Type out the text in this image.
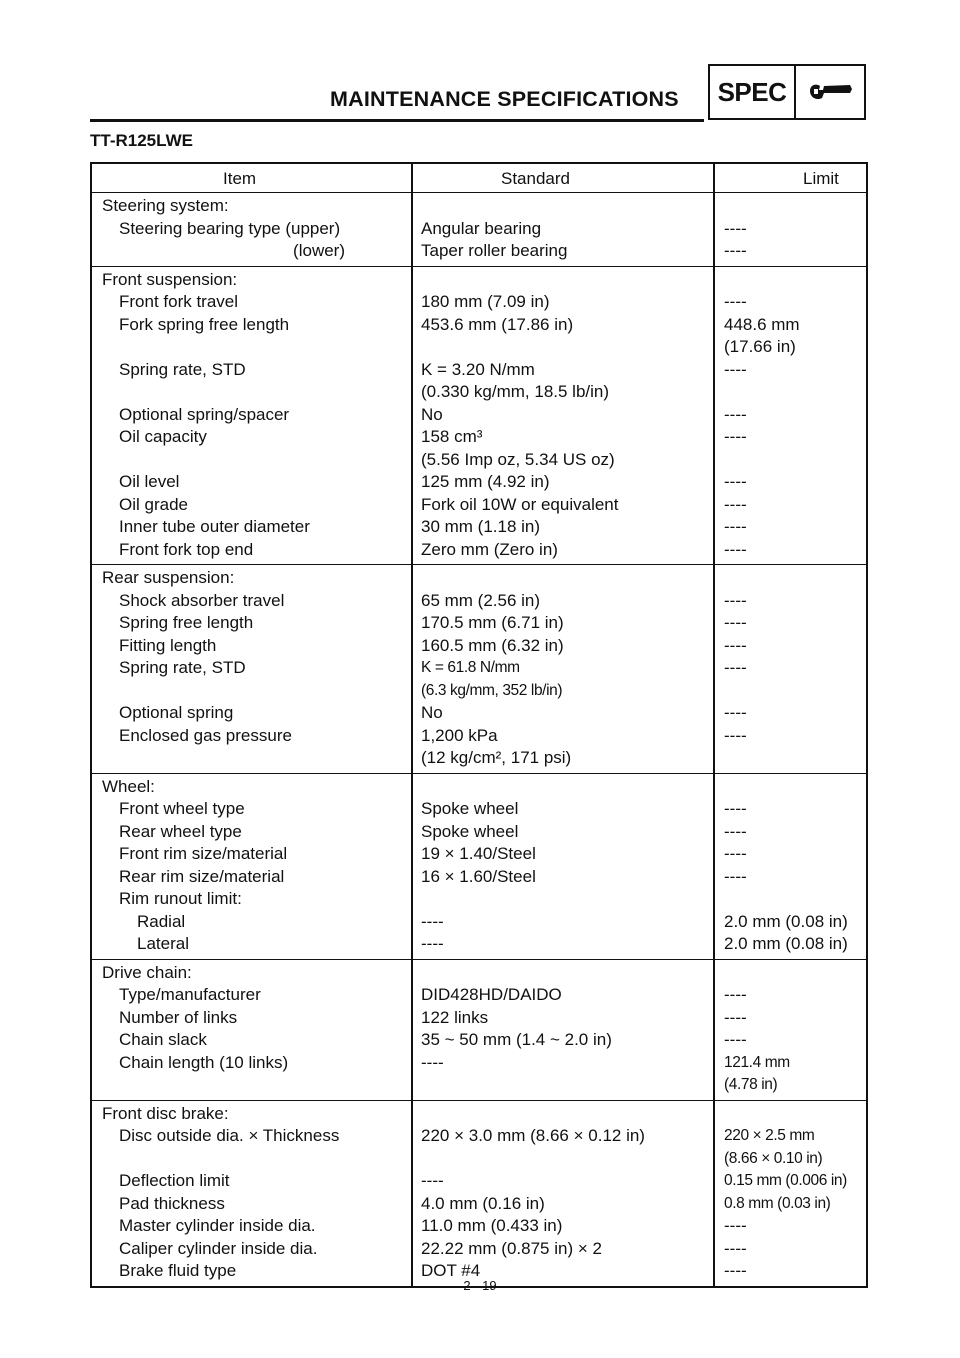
MAINTENANCE SPECIFICATIONS SPEC
TT-R125LWE
Item	Standard	Limit
Steering system:
Steering bearing type (upper)	Angular bearing	----
(lower)	Taper roller bearing	----
Front suspension:
Front fork travel	180 mm (7.09 in)	----
Fork spring free length	453.6 mm (17.86 in)	448.6 mm
(17.66 in)
Spring rate, STD	K = 3.20 N/mm	----
(0.330 kg/mm, 18.5 lb/in)
Optional spring/spacer	No	----
Oil capacity	158 cm³	----
(5.56 Imp oz, 5.34 US oz)
Oil level	125 mm (4.92 in)	----
Oil grade	Fork oil 10W or equivalent	----
Inner tube outer diameter	30 mm (1.18 in)	----
Front fork top end	Zero mm (Zero in)	----
Rear suspension:
Shock absorber travel	65 mm (2.56 in)	----
Spring free length	170.5 mm (6.71 in)	----
Fitting length	160.5 mm (6.32 in)	----
Spring rate, STD	K = 61.8 N/mm	----
(6.3 kg/mm, 352 lb/in)
Optional spring	No	----
Enclosed gas pressure	1,200 kPa	----
(12 kg/cm², 171 psi)
Wheel:
Front wheel type	Spoke wheel	----
Rear wheel type	Spoke wheel	----
Front rim size/material	19 × 1.40/Steel	----
Rear rim size/material	16 × 1.60/Steel	----
Rim runout limit:
Radial	----	2.0 mm (0.08 in)
Lateral	----	2.0 mm (0.08 in)
Drive chain:
Type/manufacturer	DID428HD/DAIDO	----
Number of links	122 links	----
Chain slack	35 ~ 50 mm (1.4 ~ 2.0 in)	----
Chain length (10 links)	----	121.4 mm
(4.78 in)
Front disc brake:
Disc outside dia. × Thickness	220 × 3.0 mm (8.66 × 0.12 in)	220 × 2.5 mm
(8.66 × 0.10 in)
Deflection limit	----	0.15 mm (0.006 in)
Pad thickness	4.0 mm (0.16 in)	0.8 mm (0.03 in)
Master cylinder inside dia.	11.0 mm (0.433 in)	----
Caliper cylinder inside dia.	22.22 mm (0.875 in) × 2	----
Brake fluid type	DOT #4	----
2 - 19
